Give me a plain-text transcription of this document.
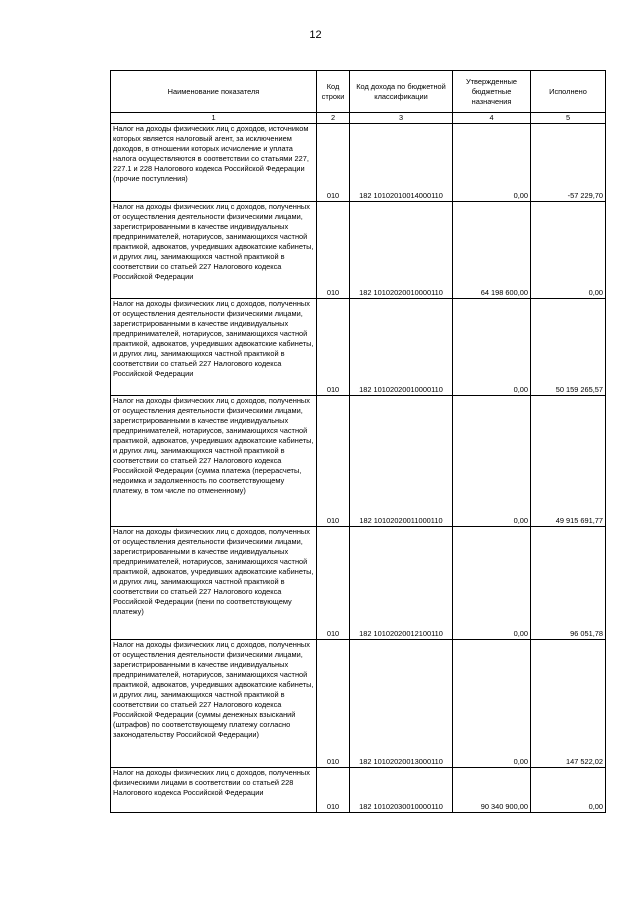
12
Наименование показателя	Код строки	Код дохода по бюджетной классификации	Утвержденные бюджетные назначения	Исполнено
1	2	3	4	5
Налог на доходы физических лиц с доходов, источником которых является налоговый агент, за исключением доходов, в отношении которых исчисление и уплата налога осуществляются в соответствии со статьями 227, 227.1 и 228 Налогового кодекса Российской Федерации (прочие поступления)	010	182 10102010014000110	0,00	-57 229,70
Налог на доходы физических лиц с доходов, полученных от осуществления деятельности физическими лицами, зарегистрированными в качестве индивидуальных предпринимателей, нотариусов, занимающихся частной практикой, адвокатов, учредивших адвокатские кабинеты, и других лиц, занимающихся частной практикой в соответствии со статьей 227 Налогового кодекса Российской Федерации	010	182 10102020010000110	64 198 600,00	0,00
Налог на доходы физических лиц с доходов, полученных от осуществления деятельности физическими лицами, зарегистрированными в качестве индивидуальных предпринимателей, нотариусов, занимающихся частной практикой, адвокатов, учредивших адвокатские кабинеты, и других лиц, занимающихся частной практикой в соответствии со статьей 227 Налогового кодекса Российской Федерации	010	182 10102020010000110	0,00	50 159 265,57
Налог на доходы физических лиц с доходов, полученных от осуществления деятельности физическими лицами, зарегистрированными в качестве индивидуальных предпринимателей, нотариусов, занимающихся частной практикой, адвокатов, учредивших адвокатские кабинеты, и других лиц, занимающихся частной практикой в соответствии со статьей 227 Налогового кодекса Российской Федерации (сумма платежа (перерасчеты, недоимка и задолженность по соответствующему платежу, в том числе по отмененному)	010	182 10102020011000110	0,00	49 915 691,77
Налог на доходы физических лиц с доходов, полученных от осуществления деятельности физическими лицами, зарегистрированными в качестве индивидуальных предпринимателей, нотариусов, занимающихся частной практикой, адвокатов, учредивших адвокатские кабинеты, и других лиц, занимающихся частной практикой в соответствии со статьей 227 Налогового кодекса Российской Федерации (пени по соответствующему платежу)	010	182 10102020012100110	0,00	96 051,78
Налог на доходы физических лиц с доходов, полученных от осуществления деятельности физическими лицами, зарегистрированными в качестве индивидуальных предпринимателей, нотариусов, занимающихся частной практикой, адвокатов, учредивших адвокатские кабинеты, и других лиц, занимающихся частной практикой в соответствии со статьей 227 Налогового кодекса Российской Федерации (суммы денежных взысканий (штрафов) по соответствующему платежу согласно законодательству Российской Федерации)	010	182 10102020013000110	0,00	147 522,02
Налог на доходы физических лиц с доходов, полученных физическими лицами в соответствии со статьей 228 Налогового кодекса Российской Федерации	010	182 10102030010000110	90 340 900,00	0,00
